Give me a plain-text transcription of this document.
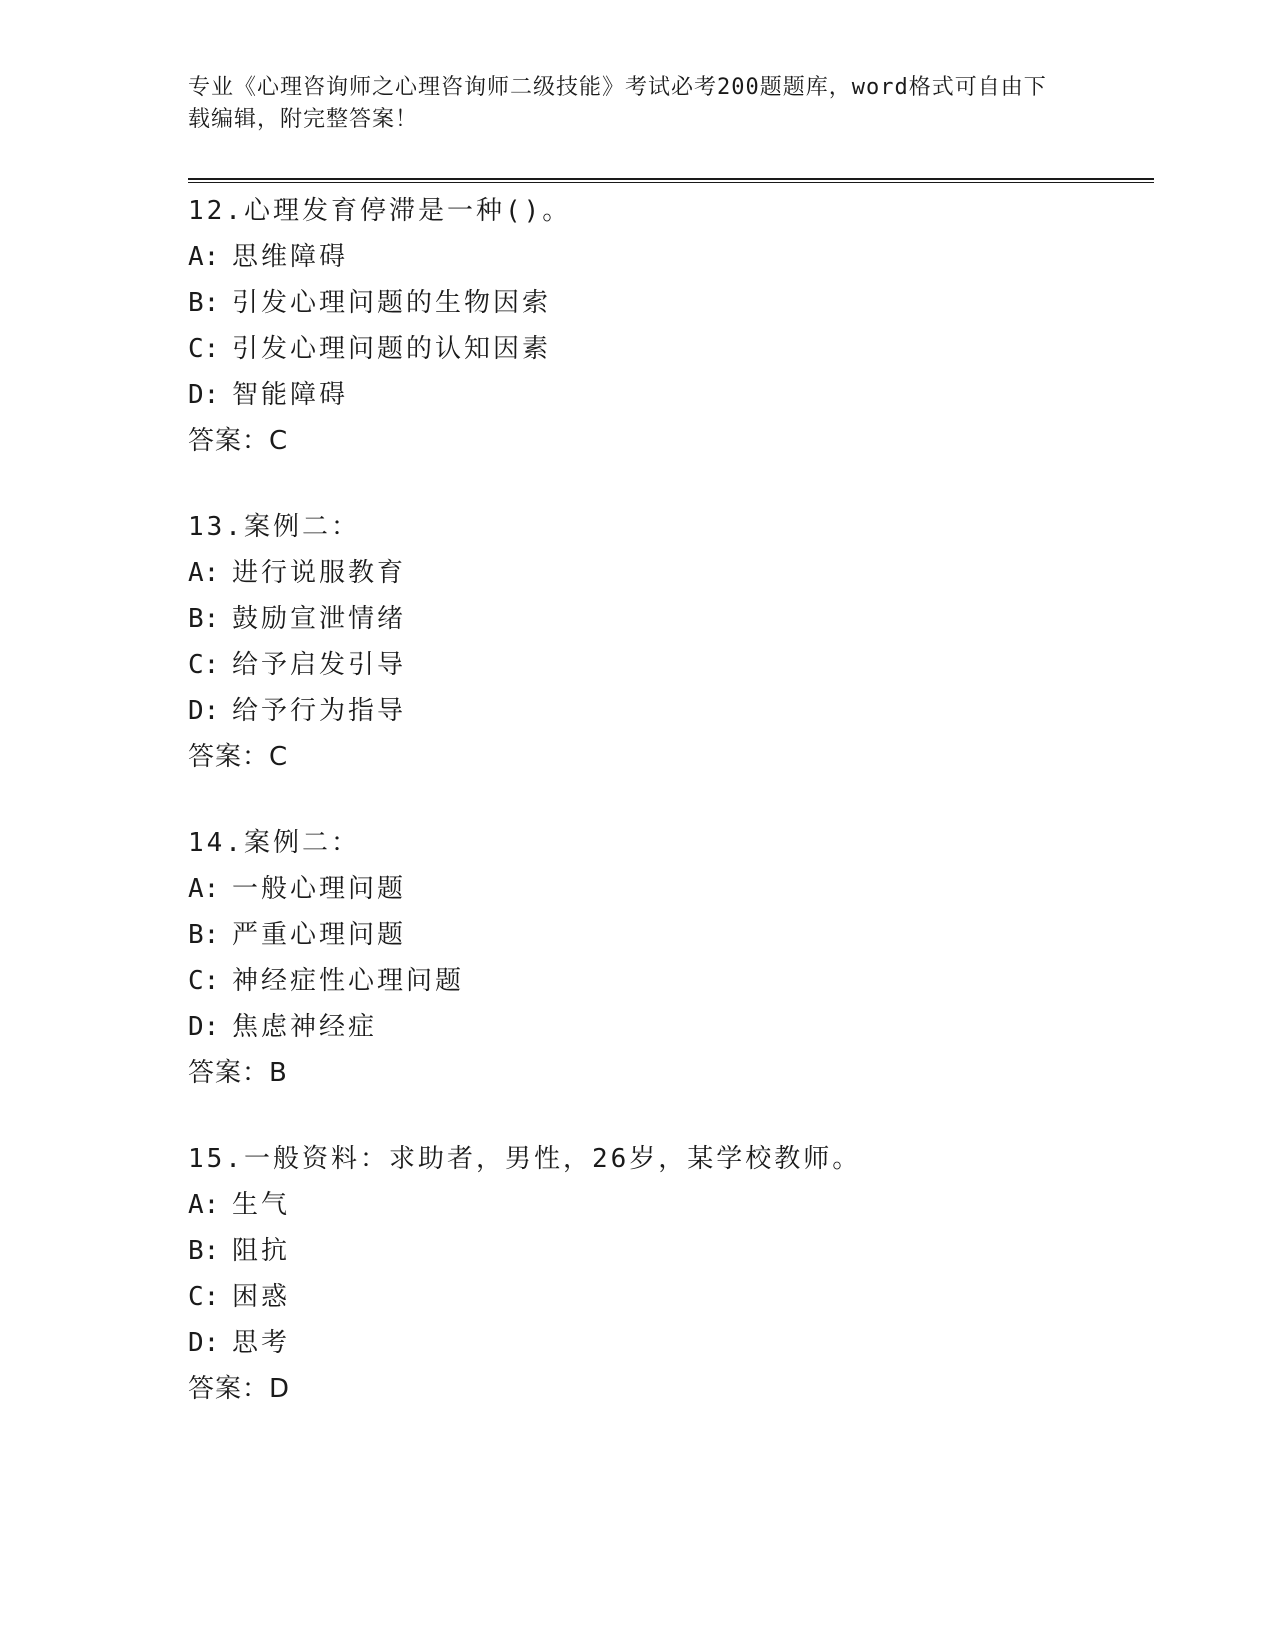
专业《心理咨询师之心理咨询师二级技能》考试必考200题题库，word格式可自由下载编辑，附完整答案！
12.心理发育停滞是一种()。
A: 思维障碍
B: 引发心理问题的生物因索
C: 引发心理问题的认知因素
D: 智能障碍
答案：C
13.案例二：
A: 进行说服教育
B: 鼓励宣泄情绪
C: 给予启发引导
D: 给予行为指导
答案：C
14.案例二：
A: 一般心理问题
B: 严重心理问题
C: 神经症性心理问题
D: 焦虑神经症
答案：B
15.一般资料：求助者，男性，26岁，某学校教师。
A: 生气
B: 阻抗
C: 困惑
D: 思考
答案：D
